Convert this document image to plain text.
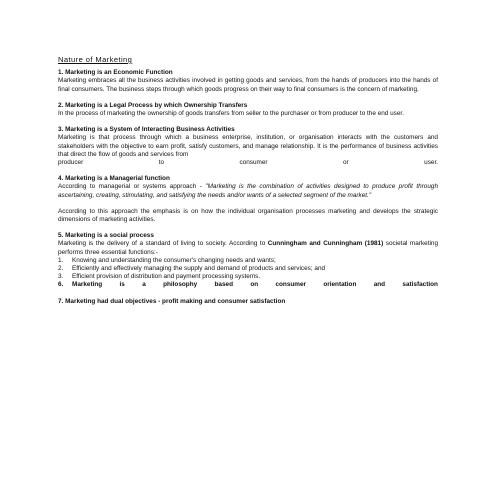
Nature of Marketing
1. Marketing is an Economic Function
Marketing embraces all the business activities involved in getting goods and services, from the hands of producers into the hands of final consumers. The business steps through which goods progress on their way to final consumers is the concern of marketing.
2. Marketing is a Legal Process by which Ownership Transfers
In the process of marketing the ownership of goods transfers from seller to the purchaser or from producer to the end user.
3. Marketing is a System of Interacting Business Activities
Marketing is that process through which a business enterprise, institution, or organisation interacts with the customers and stakeholders with the objective to earn profit, satisfy customers, and manage relationship. It is the performance of business activities that direct the flow of goods and services from
producer	to	consumer	or	user.
4. Marketing is a Managerial function
According to managerial or systems approach - "Marketing is the combination of activities designed to produce profit through ascertaining, creating, stimulating, and satisfying the needs and/or wants of a selected segment of the market."
According to this approach the emphasis is on how the individual organisation processes marketing and develops the strategic dimensions of marketing activities.
5. Marketing is a social process
Marketing is the delivery of a standard of living to society. According to Cunningham and Cunningham (1981) societal marketing performs three essential functions:-
1.	Knowing and understanding the consumer's changing needs and wants;
2.	Efficiently and effectively managing the supply and demand of products and services; and
3.	Efficient provision of distribution and payment processing systems.
6.	Marketing	is	a	philosophy	based	on	consumer	orientation	and	satisfaction
7. Marketing had dual objectives - profit making and consumer satisfaction
